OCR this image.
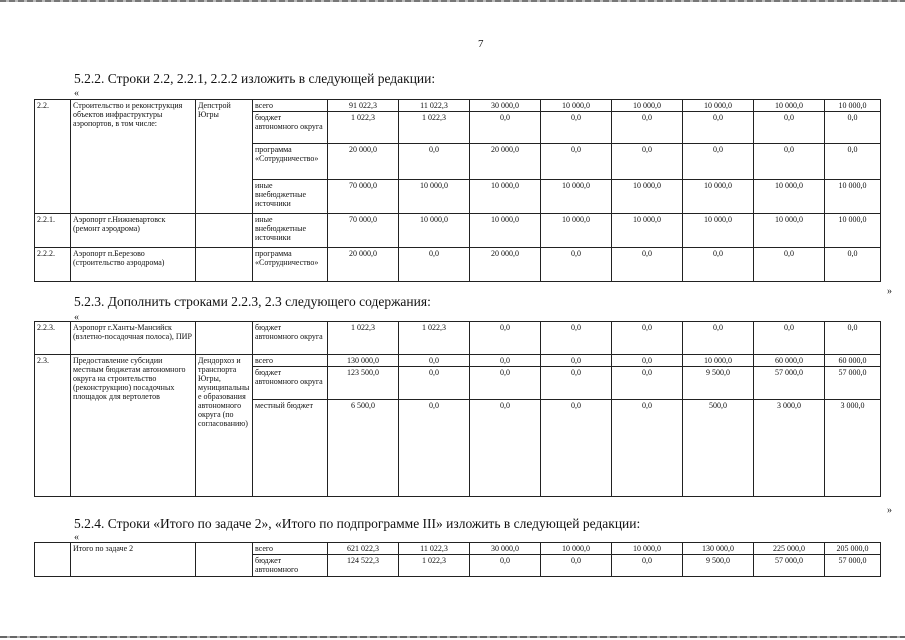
7
5.2.2. Строки 2.2, 2.2.1, 2.2.2 изложить в следующей редакции:
«
2.2.	Строительство и реконструкция объектов инфраструктуры аэропортов, в том числе:	Депстрой Югры	всего	91 022,3	11 022,3	30 000,0	10 000,0	10 000,0	10 000,0	10 000,0	10 000,0
			бюджет автономного округа	1 022,3	1 022,3	0,0	0,0	0,0	0,0	0,0	0,0
			программа «Сотрудничество»	20 000,0	0,0	20 000,0	0,0	0,0	0,0	0,0	0,0
			иные внебюджетные источники	70 000,0	10 000,0	10 000,0	10 000,0	10 000,0	10 000,0	10 000,0	10 000,0
2.2.1.	Аэропорт г.Нижневартовск (ремонт аэродрома)		иные внебюджетные источники	70 000,0	10 000,0	10 000,0	10 000,0	10 000,0	10 000,0	10 000,0	10 000,0
2.2.2.	Аэропорт п.Березово (строительство аэродрома)		программа «Сотрудничество»	20 000,0	0,0	20 000,0	0,0	0,0	0,0	0,0	0,0
»
5.2.3. Дополнить строками 2.2.3, 2.3 следующего содержания:
«
2.2.3.	Аэропорт г.Ханты-Мансийск (взлетно-посадочная полоса), ПИР		бюджет автономного округа	1 022,3	1 022,3	0,0	0,0	0,0	0,0	0,0	0,0
2.3.	Предоставление субсидии местным бюджетам автономного округа на строительство (реконструкцию) посадочных площадок для вертолетов	Дендорхоз и транспорта Югры, муниципальные образования автономного округа (по согласованию)	всего	130 000,0	0,0	0,0	0,0	0,0	10 000,0	60 000,0	60 000,0
			бюджет автономного округа	123 500,0	0,0	0,0	0,0	0,0	9 500,0	57 000,0	57 000,0
			местный бюджет	6 500,0	0,0	0,0	0,0	0,0	500,0	3 000,0	3 000,0
»
5.2.4. Строки «Итого по задаче 2», «Итого по подпрограмме III» изложить в следующей редакции:
«
	Итого по задаче 2		всего	621 022,3	11 022,3	30 000,0	10 000,0	10 000,0	130 000,0	225 000,0	205 000,0
			бюджет автономного	124 522,3	1 022,3	0,0	0,0	0,0	9 500,0	57 000,0	57 000,0
